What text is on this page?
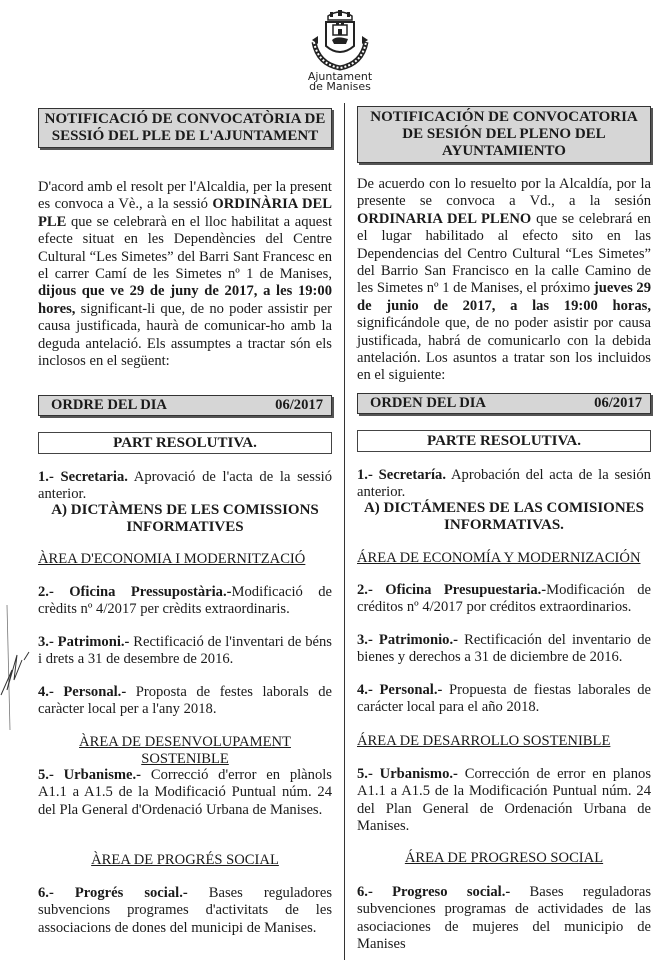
Ajuntament
de Manises
NOTIFICACIÓ DE CONVOCATÒRIA DE SESSIÓ DEL PLE DE L'AJUNTAMENT
D'acord amb el resolt per l'Alcaldia, per la present es convoca a Vè., a la sessió ORDINÀRIA DEL PLE que se celebrarà en el lloc habilitat a aquest efecte situat en les Dependències del Centre Cultural “Les Simetes” del Barri Sant Francesc en el carrer Camí de les Simetes nº 1 de Manises, dijous que ve 29 de juny de 2017, a les 19:00 hores, significant-li que, de no poder assistir per causa justificada, haurà de comunicar-ho amb la deguda antelació. Els assumptes a tractar són els inclosos en el següent:
ORDRE DEL DIA	06/2017
PART RESOLUTIVA.
1.- Secretaria. Aprovació de l'acta de la sessió anterior.
A) DICTÀMENS DE LES COMISSIONS INFORMATIVES
ÀREA D'ECONOMIA I MODERNITZACIÓ
2.- Oficina Pressupostària.-Modificació de crèdits nº 4/2017 per crèdits extraordinaris.
3.- Patrimoni.- Rectificació de l'inventari de béns i drets a 31 de desembre de 2016.
4.- Personal.- Proposta de festes laborals de caràcter local per a l'any 2018.
ÀREA DE DESENVOLUPAMENT SOSTENIBLE
5.- Urbanisme.- Correcció d'error en plànols A1.1 a A1.5 de la Modificació Puntual núm. 24 del Pla General d'Ordenació Urbana de Manises.
ÀREA DE PROGRÉS SOCIAL
6.- Progrés social.- Bases reguladores subvencions programes d'activitats de les associacions de dones del municipi de Manises.
NOTIFICACIÓN DE CONVOCATORIA DE SESIÓN DEL PLENO DEL AYUNTAMIENTO
De acuerdo con lo resuelto por la Alcaldía, por la presente se convoca a Vd., a la sesión ORDINARIA DEL PLENO que se celebrará en el lugar habilitado al efecto sito en las Dependencias del Centro Cultural “Les Simetes” del Barrio San Francisco en la calle Camino de les Simetes nº 1 de Manises, el próximo jueves 29 de junio de 2017, a las 19:00 horas, significándole que, de no poder asistir por causa justificada, habrá de comunicarlo con la debida antelación. Los asuntos a tratar son los incluidos en el siguiente:
ORDEN DEL DIA	06/2017
PARTE RESOLUTIVA.
1.- Secretaría. Aprobación del acta de la sesión anterior.
A) DICTÁMENES DE LAS COMISIONES INFORMATIVAS.
ÁREA DE ECONOMÍA Y MODERNIZACIÓN
2.- Oficina Presupuestaria.-Modificación de créditos nº 4/2017 por créditos extraordinarios.
3.- Patrimonio.- Rectificación del inventario de bienes y derechos a 31 de diciembre de 2016.
4.- Personal.- Propuesta de fiestas laborales de carácter local para el año 2018.
ÁREA DE DESARROLLO SOSTENIBLE
5.- Urbanismo.- Corrección de error en planos A1.1 a A1.5 de la Modificación Puntual núm. 24 del Plan General de Ordenación Urbana de Manises.
ÁREA DE PROGRESO SOCIAL
6.- Progreso social.- Bases reguladoras subvenciones programas de actividades de las asociaciones de mujeres del municipio de Manises
